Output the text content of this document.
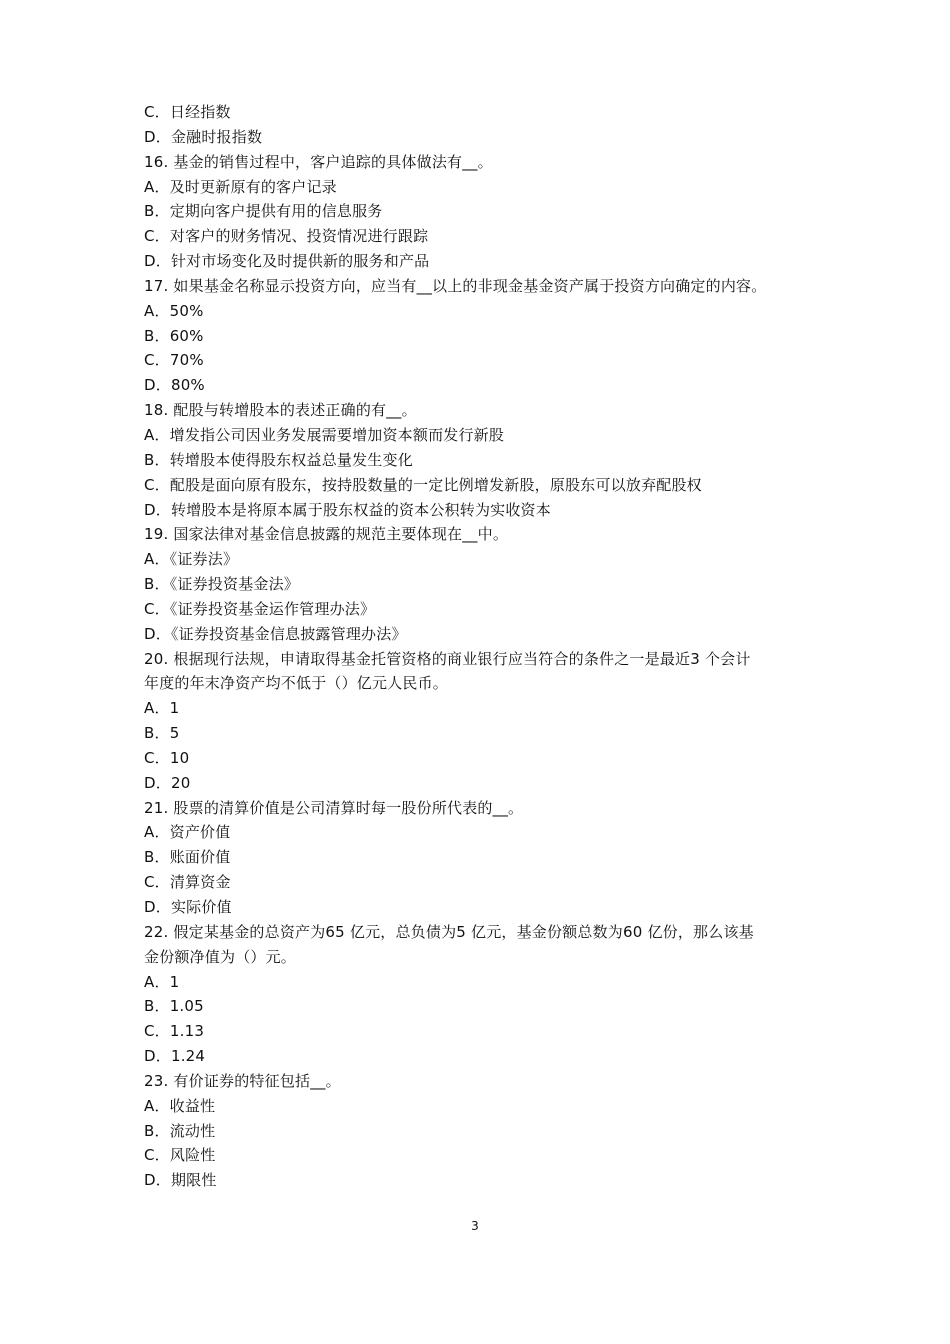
C．日经指数
D．金融时报指数
16. 基金的销售过程中，客户追踪的具体做法有__。
A．及时更新原有的客户记录
B．定期向客户提供有用的信息服务
C．对客户的财务情况、投资情况进行跟踪
D．针对市场变化及时提供新的服务和产品
17. 如果基金名称显示投资方向，应当有__以上的非现金基金资产属于投资方向确定的内容。
A．50%
B．60%
C．70%
D．80%
18. 配股与转增股本的表述正确的有__。
A．增发指公司因业务发展需要增加资本额而发行新股
B．转增股本使得股东权益总量发生变化
C．配股是面向原有股东，按持股数量的一定比例增发新股，原股东可以放弃配股权
D．转增股本是将原本属于股东权益的资本公积转为实收资本
19. 国家法律对基金信息披露的规范主要体现在__中。
A．《证券法》
B．《证券投资基金法》
C．《证券投资基金运作管理办法》
D．《证券投资基金信息披露管理办法》
20. 根据现行法规，申请取得基金托管资格的商业银行应当符合的条件之一是最近3 个会计
年度的年末净资产均不低于（）亿元人民币。
A．1
B．5
C．10
D．20
21. 股票的清算价值是公司清算时每一股份所代表的__。
A．资产价值
B．账面价值
C．清算资金
D．实际价值
22. 假定某基金的总资产为65 亿元，总负债为5 亿元，基金份额总数为60 亿份，那么该基
金份额净值为（）元。
A．1
B．1.05
C．1.13
D．1.24
23. 有价证券的特征包括__。
A．收益性
B．流动性
C．风险性
D．期限性
3
